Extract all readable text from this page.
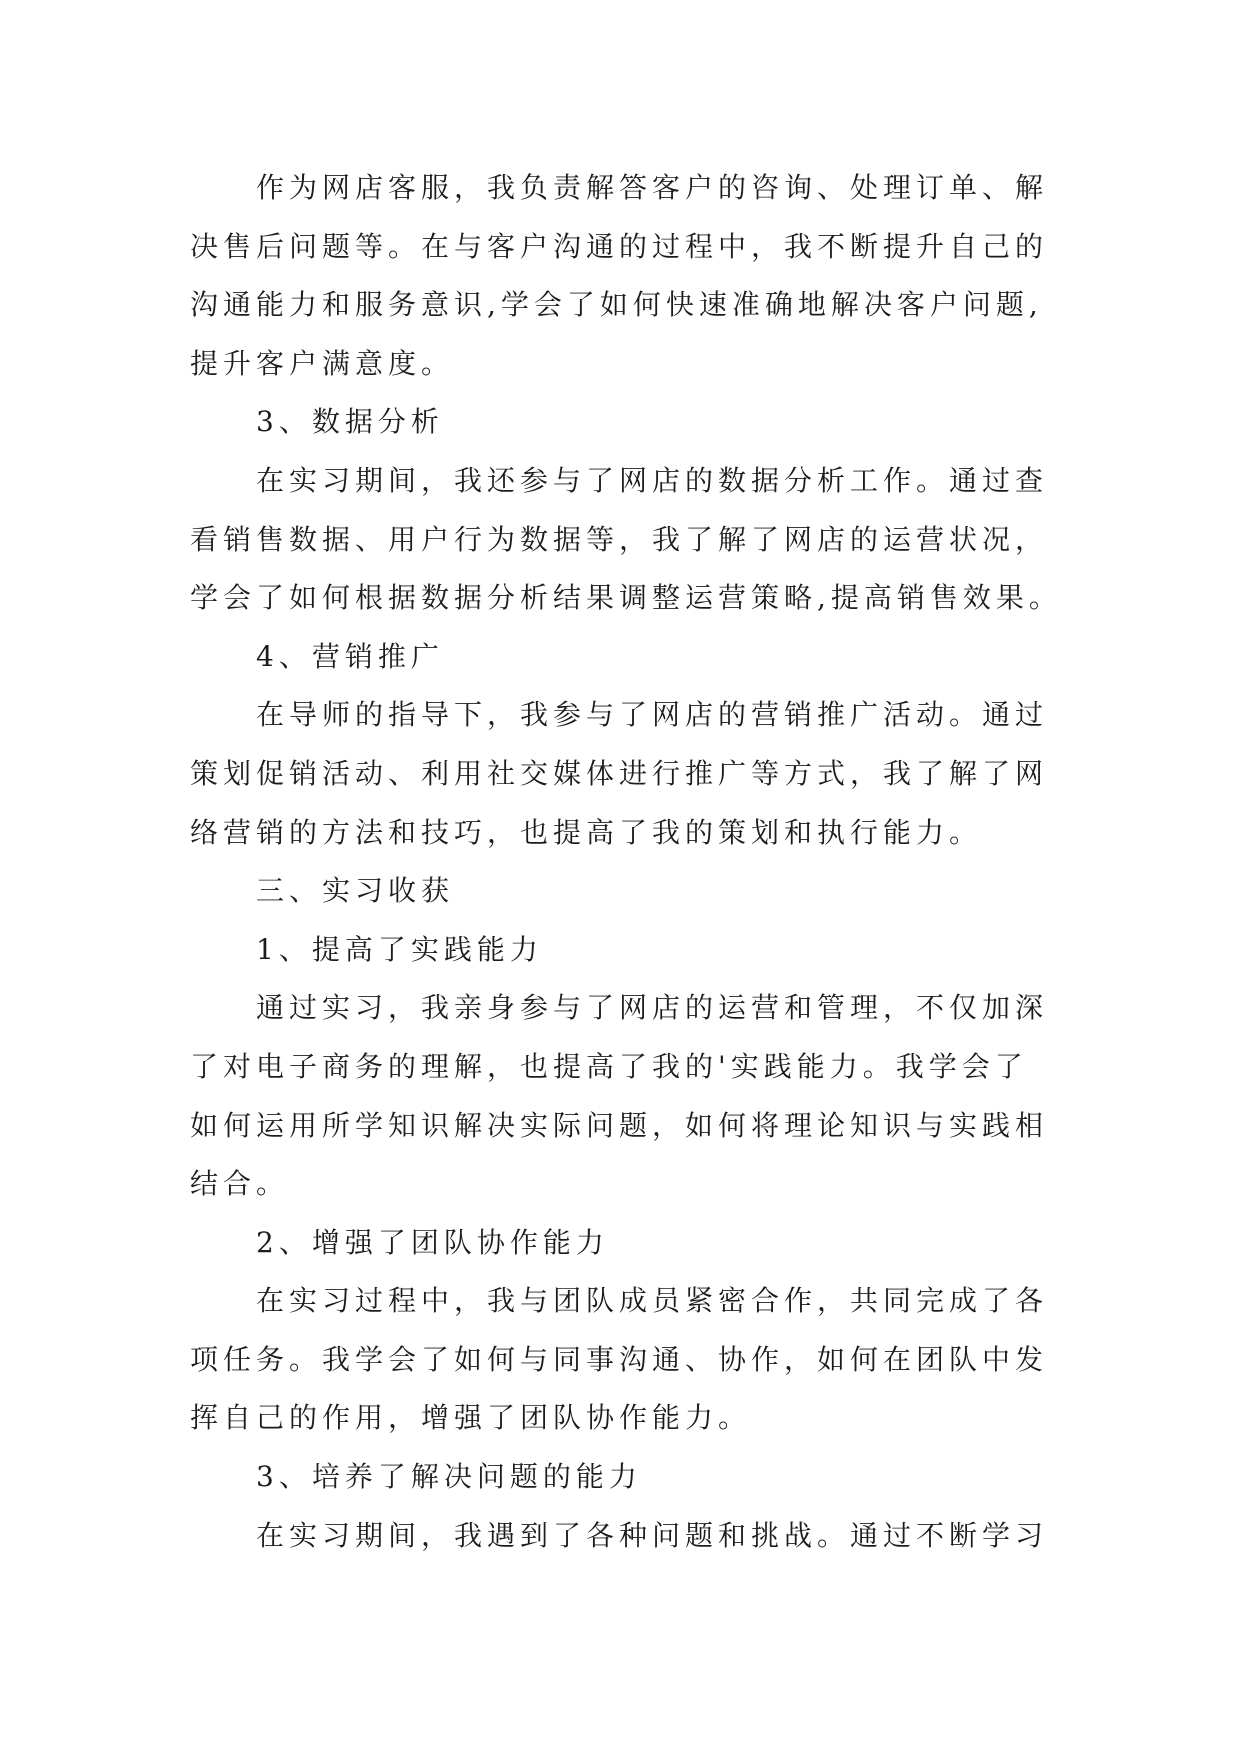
作为网店客服，我负责解答客户的咨询、处理订单、解
决售后问题等。在与客户沟通的过程中，我不断提升自己的
沟通能力和服务意识,学会了如何快速准确地解决客户问题,
提升客户满意度。
3、数据分析
在实习期间，我还参与了网店的数据分析工作。通过查
看销售数据、用户行为数据等，我了解了网店的运营状况，
学会了如何根据数据分析结果调整运营策略,提高销售效果。
4、营销推广
在导师的指导下，我参与了网店的营销推广活动。通过
策划促销活动、利用社交媒体进行推广等方式，我了解了网
络营销的方法和技巧，也提高了我的策划和执行能力。
三、实习收获
1、提高了实践能力
通过实习，我亲身参与了网店的运营和管理，不仅加深
了对电子商务的理解，也提高了我的'实践能力。我学会了
如何运用所学知识解决实际问题，如何将理论知识与实践相
结合。
2、增强了团队协作能力
在实习过程中，我与团队成员紧密合作，共同完成了各
项任务。我学会了如何与同事沟通、协作，如何在团队中发
挥自己的作用，增强了团队协作能力。
3、培养了解决问题的能力
在实习期间，我遇到了各种问题和挑战。通过不断学习
